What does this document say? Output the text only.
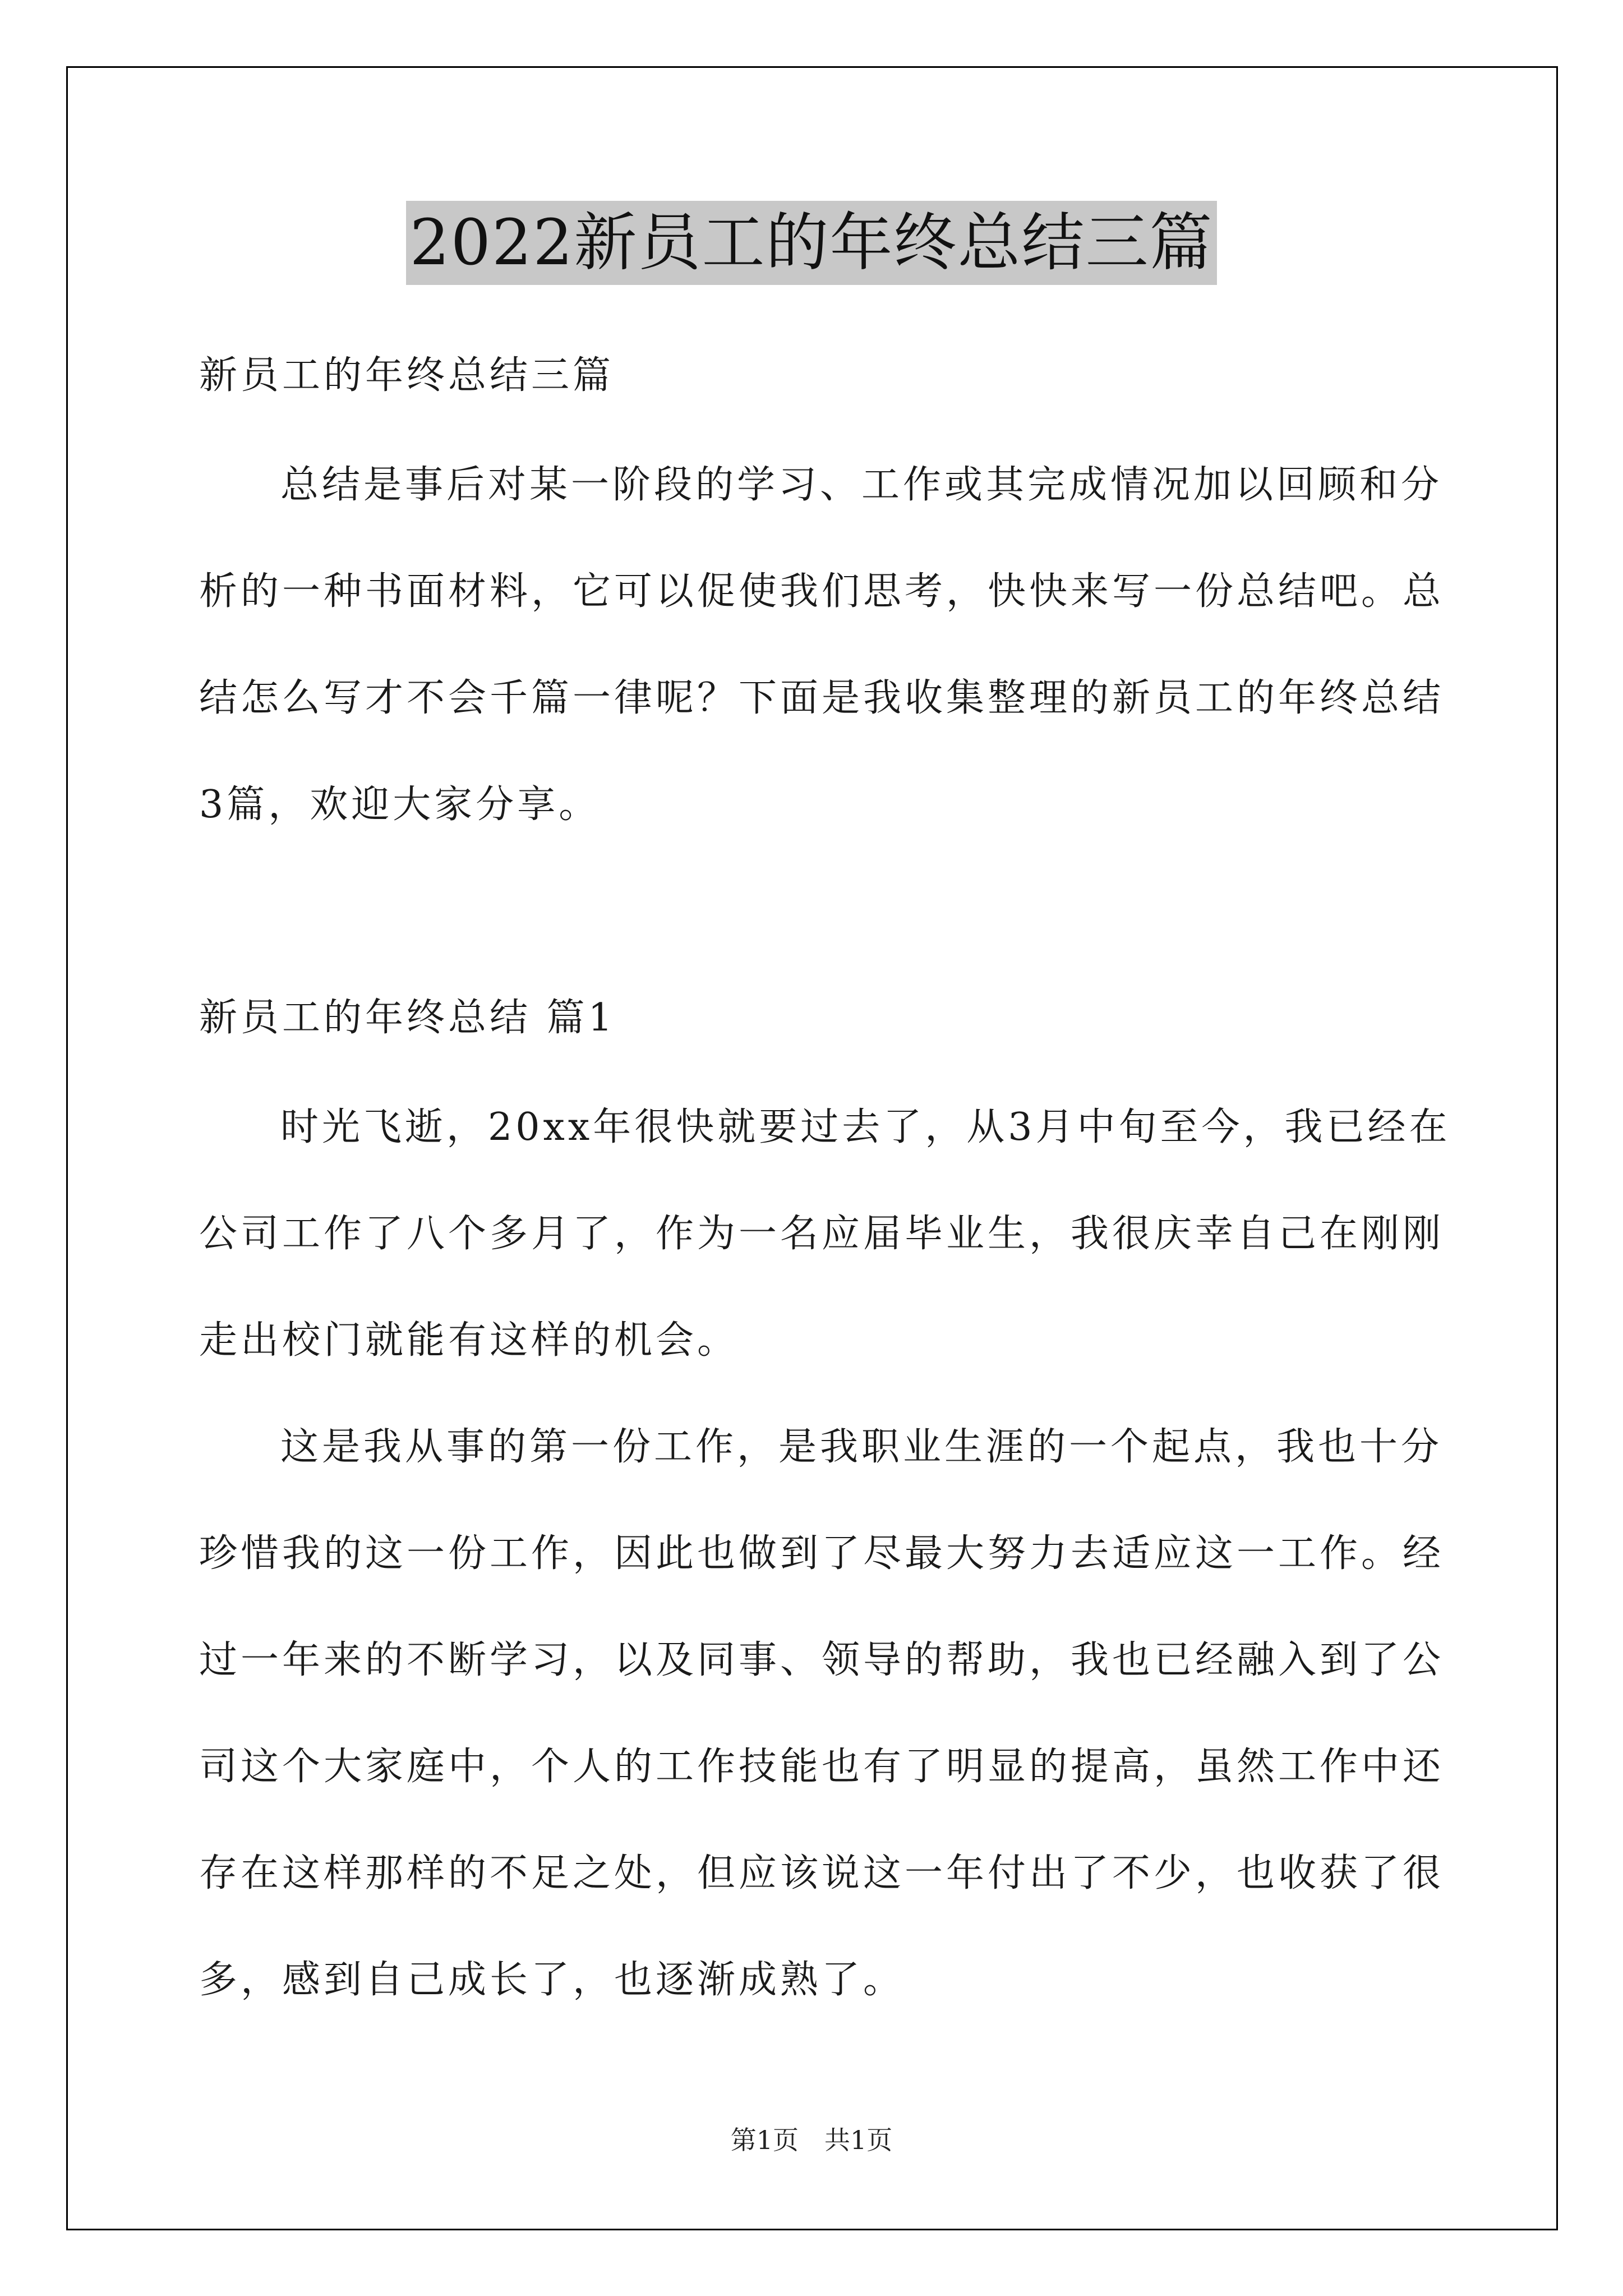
2022新员工的年终总结三篇
新员工的年终总结三篇
总结是事后对某一阶段的学习、工作或其完成情况加以回顾和分
析的一种书面材料，它可以促使我们思考，快快来写一份总结吧。总
结怎么写才不会千篇一律呢？下面是我收集整理的新员工的年终总结
3篇，欢迎大家分享。
新员工的年终总结 篇1
时光飞逝，20xx年很快就要过去了，从3月中旬至今，我已经在
公司工作了八个多月了，作为一名应届毕业生，我很庆幸自己在刚刚
走出校门就能有这样的机会。
这是我从事的第一份工作，是我职业生涯的一个起点，我也十分
珍惜我的这一份工作，因此也做到了尽最大努力去适应这一工作。经
过一年来的不断学习，以及同事、领导的帮助，我也已经融入到了公
司这个大家庭中，个人的工作技能也有了明显的提高，虽然工作中还
存在这样那样的不足之处，但应该说这一年付出了不少，也收获了很
多，感到自己成长了，也逐渐成熟了。
第1页　共1页
